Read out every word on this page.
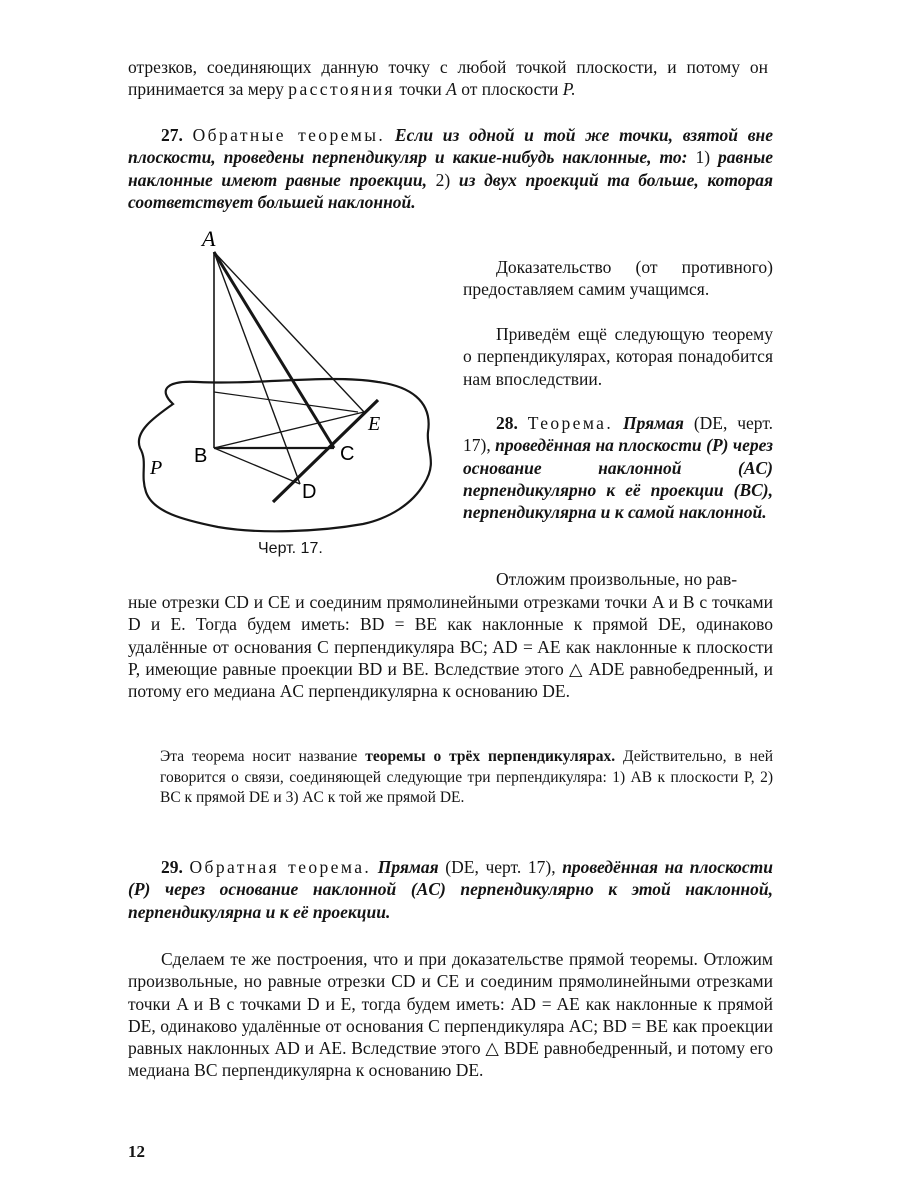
отрезков, соединяющих данную точку с любой точкой плоскости, и потому он принимается за меру расстояния точки A от плоскости P.

27. Обратные теоремы. Если из одной и той же точки, взятой вне плоскости, проведены перпендикуляр и какие-нибудь наклонные, то: 1) равные наклонные имеют равные проекции, 2) из двух проекций та больше, которая соответствует большей наклонной.

A
B	C
D
E
P
Черт. 17.

Доказательство (от противного) предоставляем самим учащимся.

Приведём ещё следующую теорему о перпендикулярах, которая понадобится нам впоследствии.

28. Теорема. Прямая (DE, черт. 17), проведённая на плоскости (P) через основание наклонной (AC) перпендикулярно к её проекции (BC), перпендикулярна и к самой наклонной.

Отложим произвольные, но рав-

ные отрезки CD и CE и соединим прямолинейными отрезками точки A и B с точками D и E. Тогда будем иметь: BD = BE как наклонные к прямой DE, одинаково удалённые от основания C перпендикуляра BC; AD = AE как наклонные к плоскости P, имеющие равные проекции BD и BE. Вследствие этого △ ADE равнобедренный, и потому его медиана AC перпендикулярна к основанию DE.

Эта теорема носит название теоремы о трёх перпендикулярах. Действительно, в ней говорится о связи, соединяющей следующие три перпендикуляра: 1) AB к плоскости P, 2) BC к прямой DE и 3) AC к той же прямой DE.

29. Обратная теорема. Прямая (DE, черт. 17), проведённая на плоскости (P) через основание наклонной (AC) перпендикулярно к этой наклонной, перпендикулярна и к её проекции.

Сделаем те же построения, что и при доказательстве прямой теоремы. Отложим произвольные, но равные отрезки CD и CE и соединим прямолинейными отрезками точки A и B с точками D и E, тогда будем иметь: AD = AE как наклонные к прямой DE, одинаково удалённые от основания C перпендикуляра AC; BD = BE как проекции равных наклонных AD и AE. Вследствие этого △ BDE равнобедренный, и потому его медиана BC перпендикулярна к основанию DE.

12
